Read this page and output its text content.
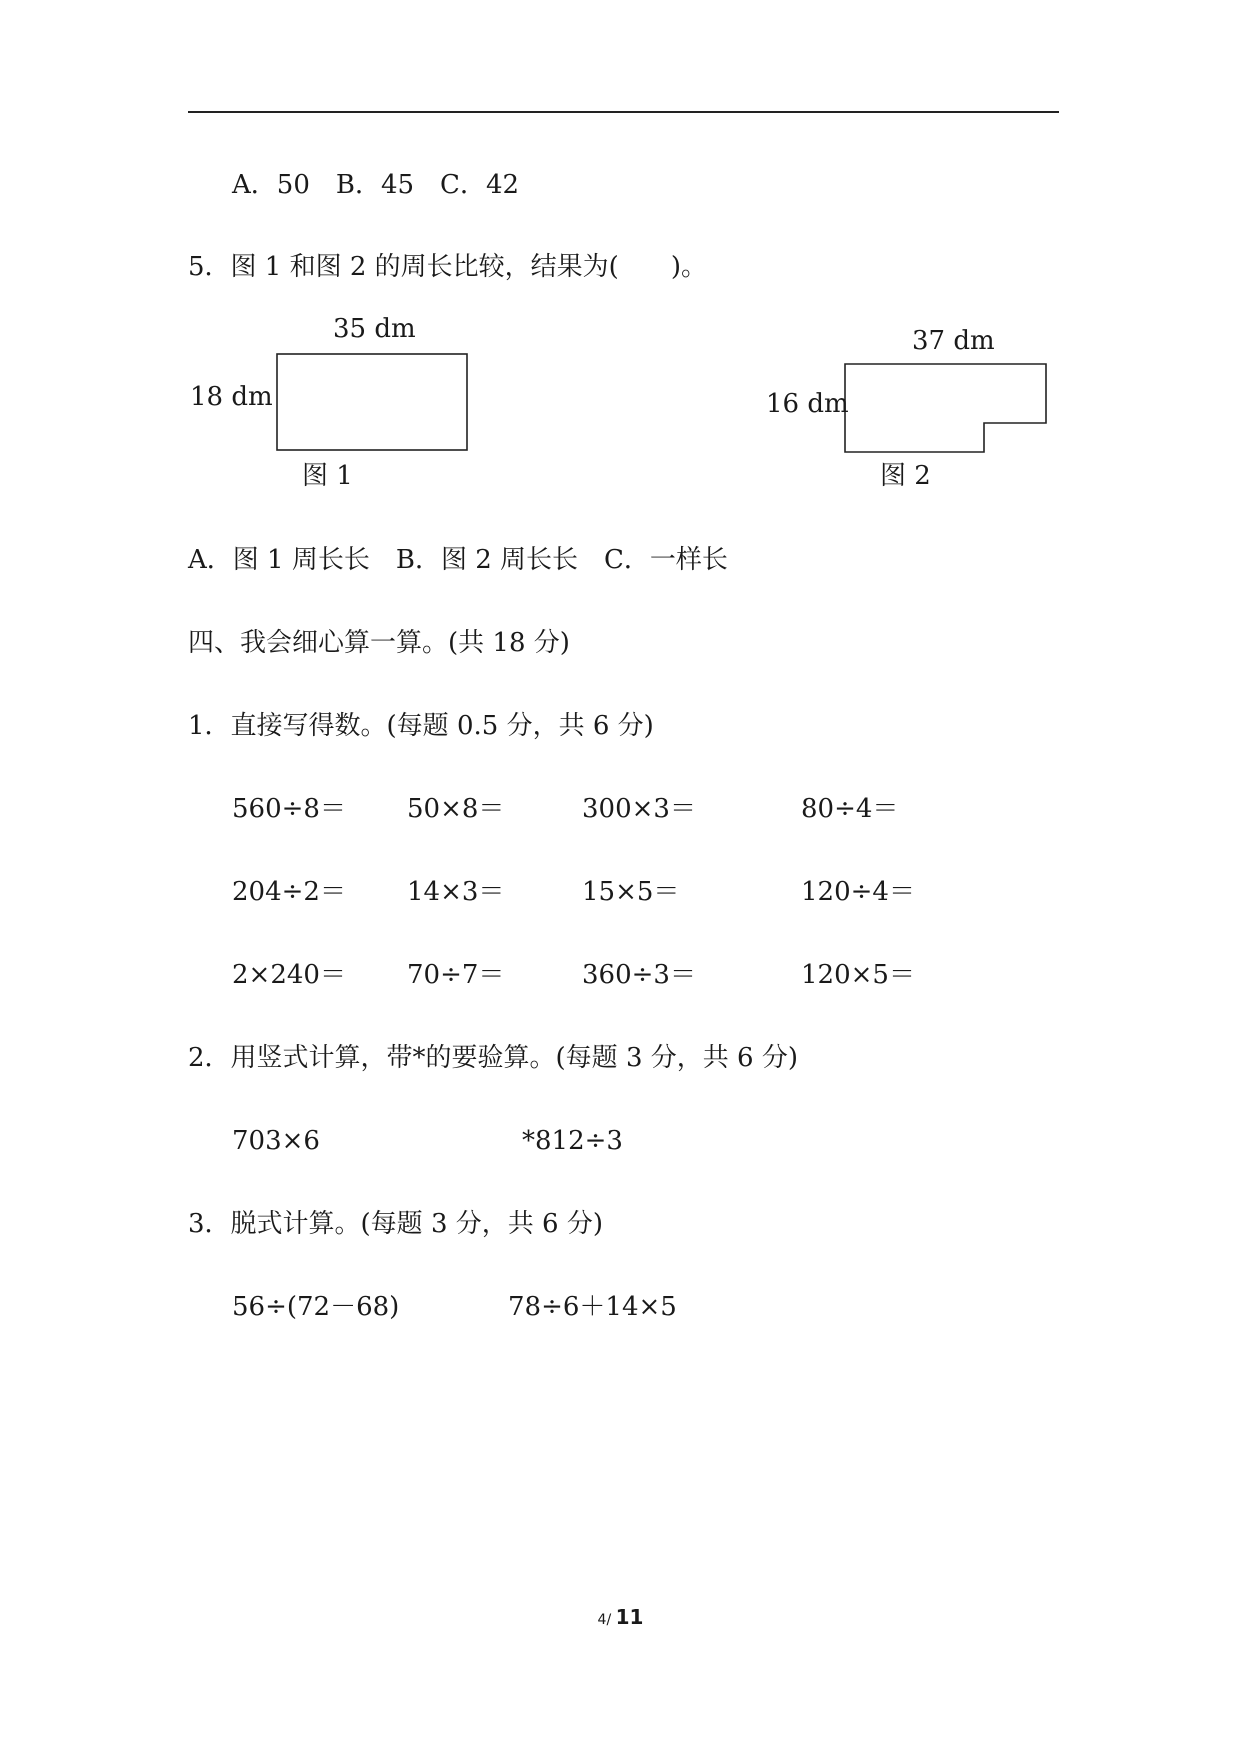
A．50　B．45　C．42
5．图 1 和图 2 的周长比较，结果为(　　)。
35 dm
18 dm
图 1
37 dm
16 dm
图 2
A．图 1 周长长　B．图 2 周长长　C．一样长
四、我会细心算一算。(共 18 分)
1．直接写得数。(每题 0.5 分，共 6 分)
560÷8＝ 50×8＝	300×3＝	80÷4＝
204÷2＝ 14×3＝	15×5＝	120÷4＝
2×240＝ 70÷7＝	360÷3＝	120×5＝
2．用竖式计算，带*的要验算。(每题 3 分，共 6 分)
703×6	*812÷3
3．脱式计算。(每题 3 分，共 6 分)
56÷(72－68)	78÷6＋14×5
4/ 11
